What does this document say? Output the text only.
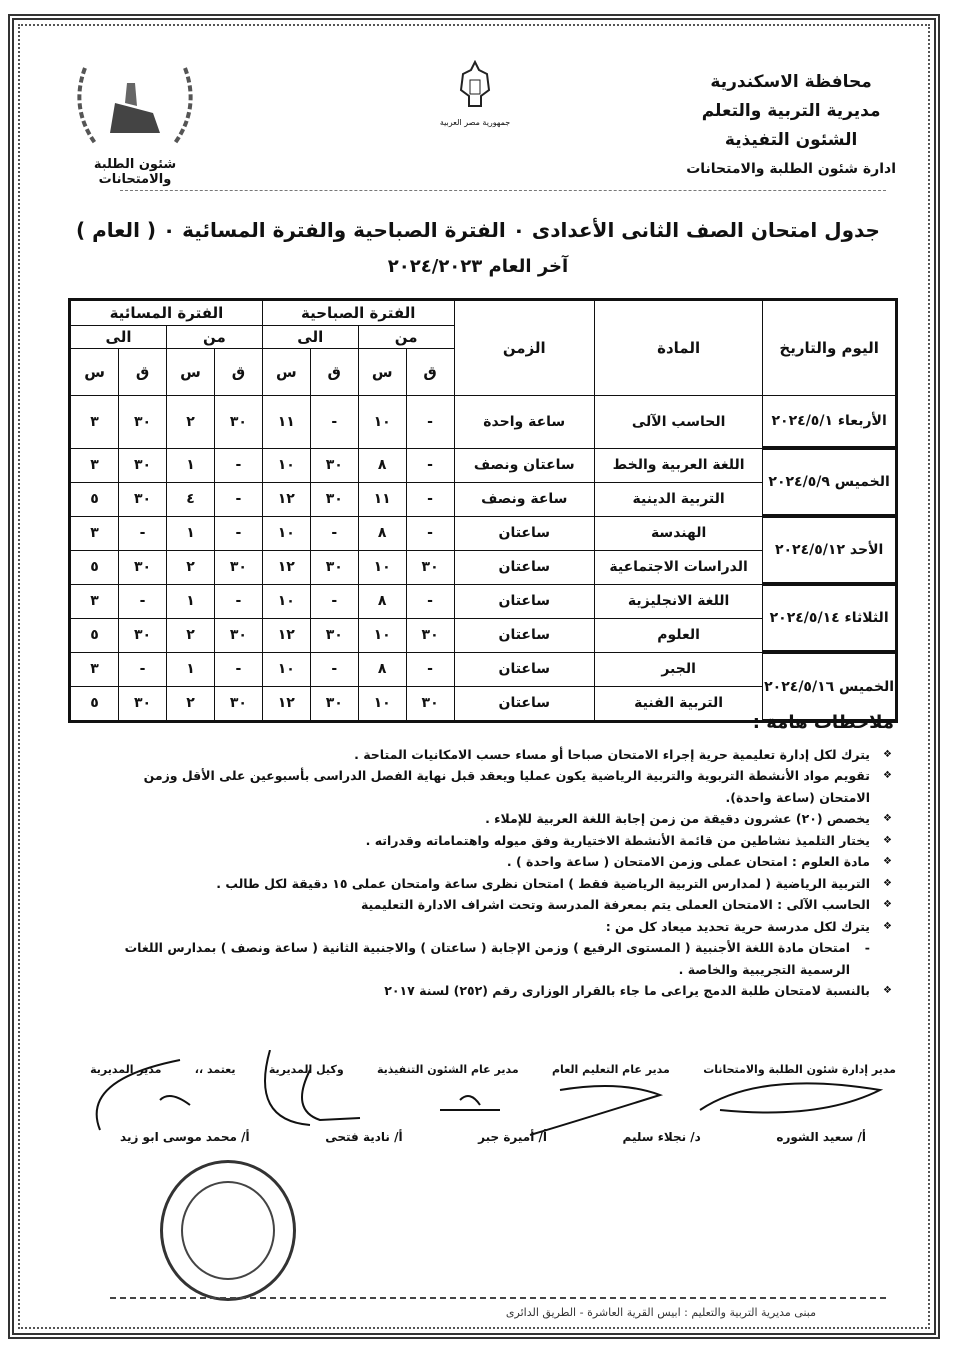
محافظة الاسكندرية
مديرية التربية والتعلم
الشئون التفيذية
ادارة شئون الطلبة والامتحانات
جمهورية مصر العربية
شئون الطلبة والامتحانات
جدول امتحان الصف الثانى الأعدادى ٠ الفترة الصباحية والفترة المسائية ٠ ( العام )
آخر العام ٢٠٢٤/٢٠٢٣
اليوم والتاريخ	المادة	الزمن	الفترة الصباحية				الفترة المسائية			
			من		الى		من		الى	
			ق	س	ق	س	ق	س	ق	س
الأربعاء ٢٠٢٤/٥/١	الحاسب الآلى	ساعة واحدة	-	١٠	-	١١	٣٠	٢	٣٠	٣
الخميس ٢٠٢٤/٥/٩	اللغة العربية والخط	ساعتان ونصف	-	٨	٣٠	١٠	-	١	٣٠	٣
	التربية الدينية	ساعة ونصف	-	١١	٣٠	١٢	-	٤	٣٠	٥
الأحد ٢٠٢٤/٥/١٢	الهندسة	ساعتان	-	٨	-	١٠	-	١	-	٣
	الدراسات الاجتماعية	ساعتان	٣٠	١٠	٣٠	١٢	٣٠	٢	٣٠	٥
الثلاثاء ٢٠٢٤/٥/١٤	اللغة الانجليزية	ساعتان	-	٨	-	١٠	-	١	-	٣
	العلوم	ساعتان	٣٠	١٠	٣٠	١٢	٣٠	٢	٣٠	٥
الخميس ٢٠٢٤/٥/١٦	الجبر	ساعتان	-	٨	-	١٠	-	١	-	٣
	التربية الفنية	ساعتان	٣٠	١٠	٣٠	١٢	٣٠	٢	٣٠	٥
ملاحظات هامة :
❖ يترك لكل إدارة تعليمية حرية إجراء الامتحان صباحا أو مساء حسب الامكانيات المتاحة .
❖ تقويم مواد الأنشطة التربوية والتربية الرياضية يكون عمليا ويعقد قبل نهاية الفصل الدراسى بأسبوعين على الأقل وزمن الامتحان (ساعة واحدة).
❖ يخصص (٢٠) عشرون دقيقة من زمن إجابة اللغة العربية للإملاء .
❖ يختار التلميذ نشاطين من قائمة الأنشطة الاختيارية وفق ميوله واهتماماته وقدراته .
❖ مادة العلوم : امتحان عملى وزمن الامتحان ( ساعة واحدة ) .
❖ التربية الرياضية ( لمدارس التربية الرياضية فقط ) امتحان نظرى ساعة وامتحان عملى ١٥ دقيقة لكل طالب .
❖ الحاسب الآلى : الامتحان العملى يتم بمعرفة المدرسة وتحت اشراف الادارة التعليمية
❖ يترك لكل مدرسة حرية تحديد ميعاد كل من :
- امتحان مادة اللغة الأجنبية ( المستوى الرفيع ) وزمن الإجابة ( ساعتان ) والاجنبية الثانية ( ساعة ونصف ) بمدارس اللغات الرسمية التجريبية والخاصة .
❖ بالنسبة لامتحان طلبة الدمج يراعى ما جاء بالقرار الوزارى رقم (٢٥٢) لسنة ٢٠١٧
مدير إدارة شئون الطلبة والامتحانات
مدير عام التعليم العام
مدير عام الشئون التنفيذية
وكيل المديرية
يعتمد ،،
مدير المديرية
أ/ سعيد الشوره
د/ نجلاء سليم
أ/ أميرة جبر
أ/ نادية فتحى
أ/ محمد موسى ابو زيد
مبنى مديرية التربية والتعليم : ابيس القرية العاشرة - الطريق الدائرى
